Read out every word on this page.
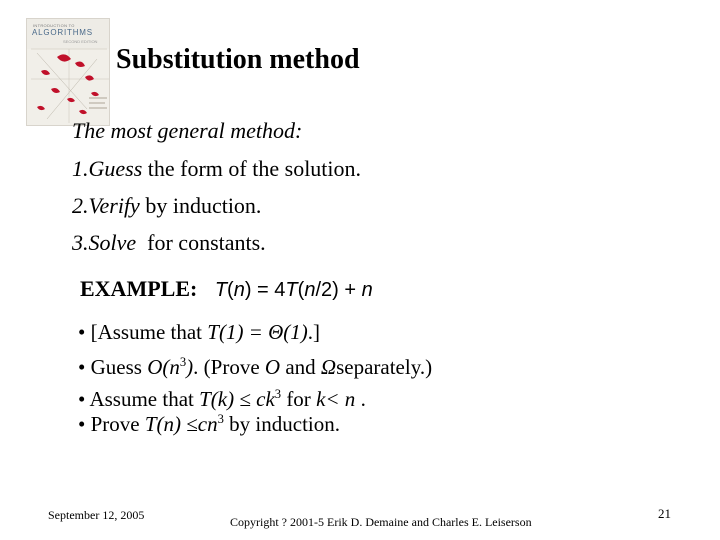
INTRODUCTION TO
ALGORITHMS
SECOND EDITION
Substitution method
The most general method:
1.Guess the form of the solution.
2.Verify by induction.
3.Solve  for constants.
EXAMPLE: T(n) = 4T(n/2) + n
• [Assume that T(1) = Θ(1).]
• Guess $O(n^3)$. (Prove O and Ωseparately.)
• Assume that $T(k) \le ck^3$ for k< n .
• Prove $T(n) \le cn^3$ by induction.
September 12, 2005	Copyright ? 2001-5 Erik D. Demaine and Charles E. Leiserson
21
